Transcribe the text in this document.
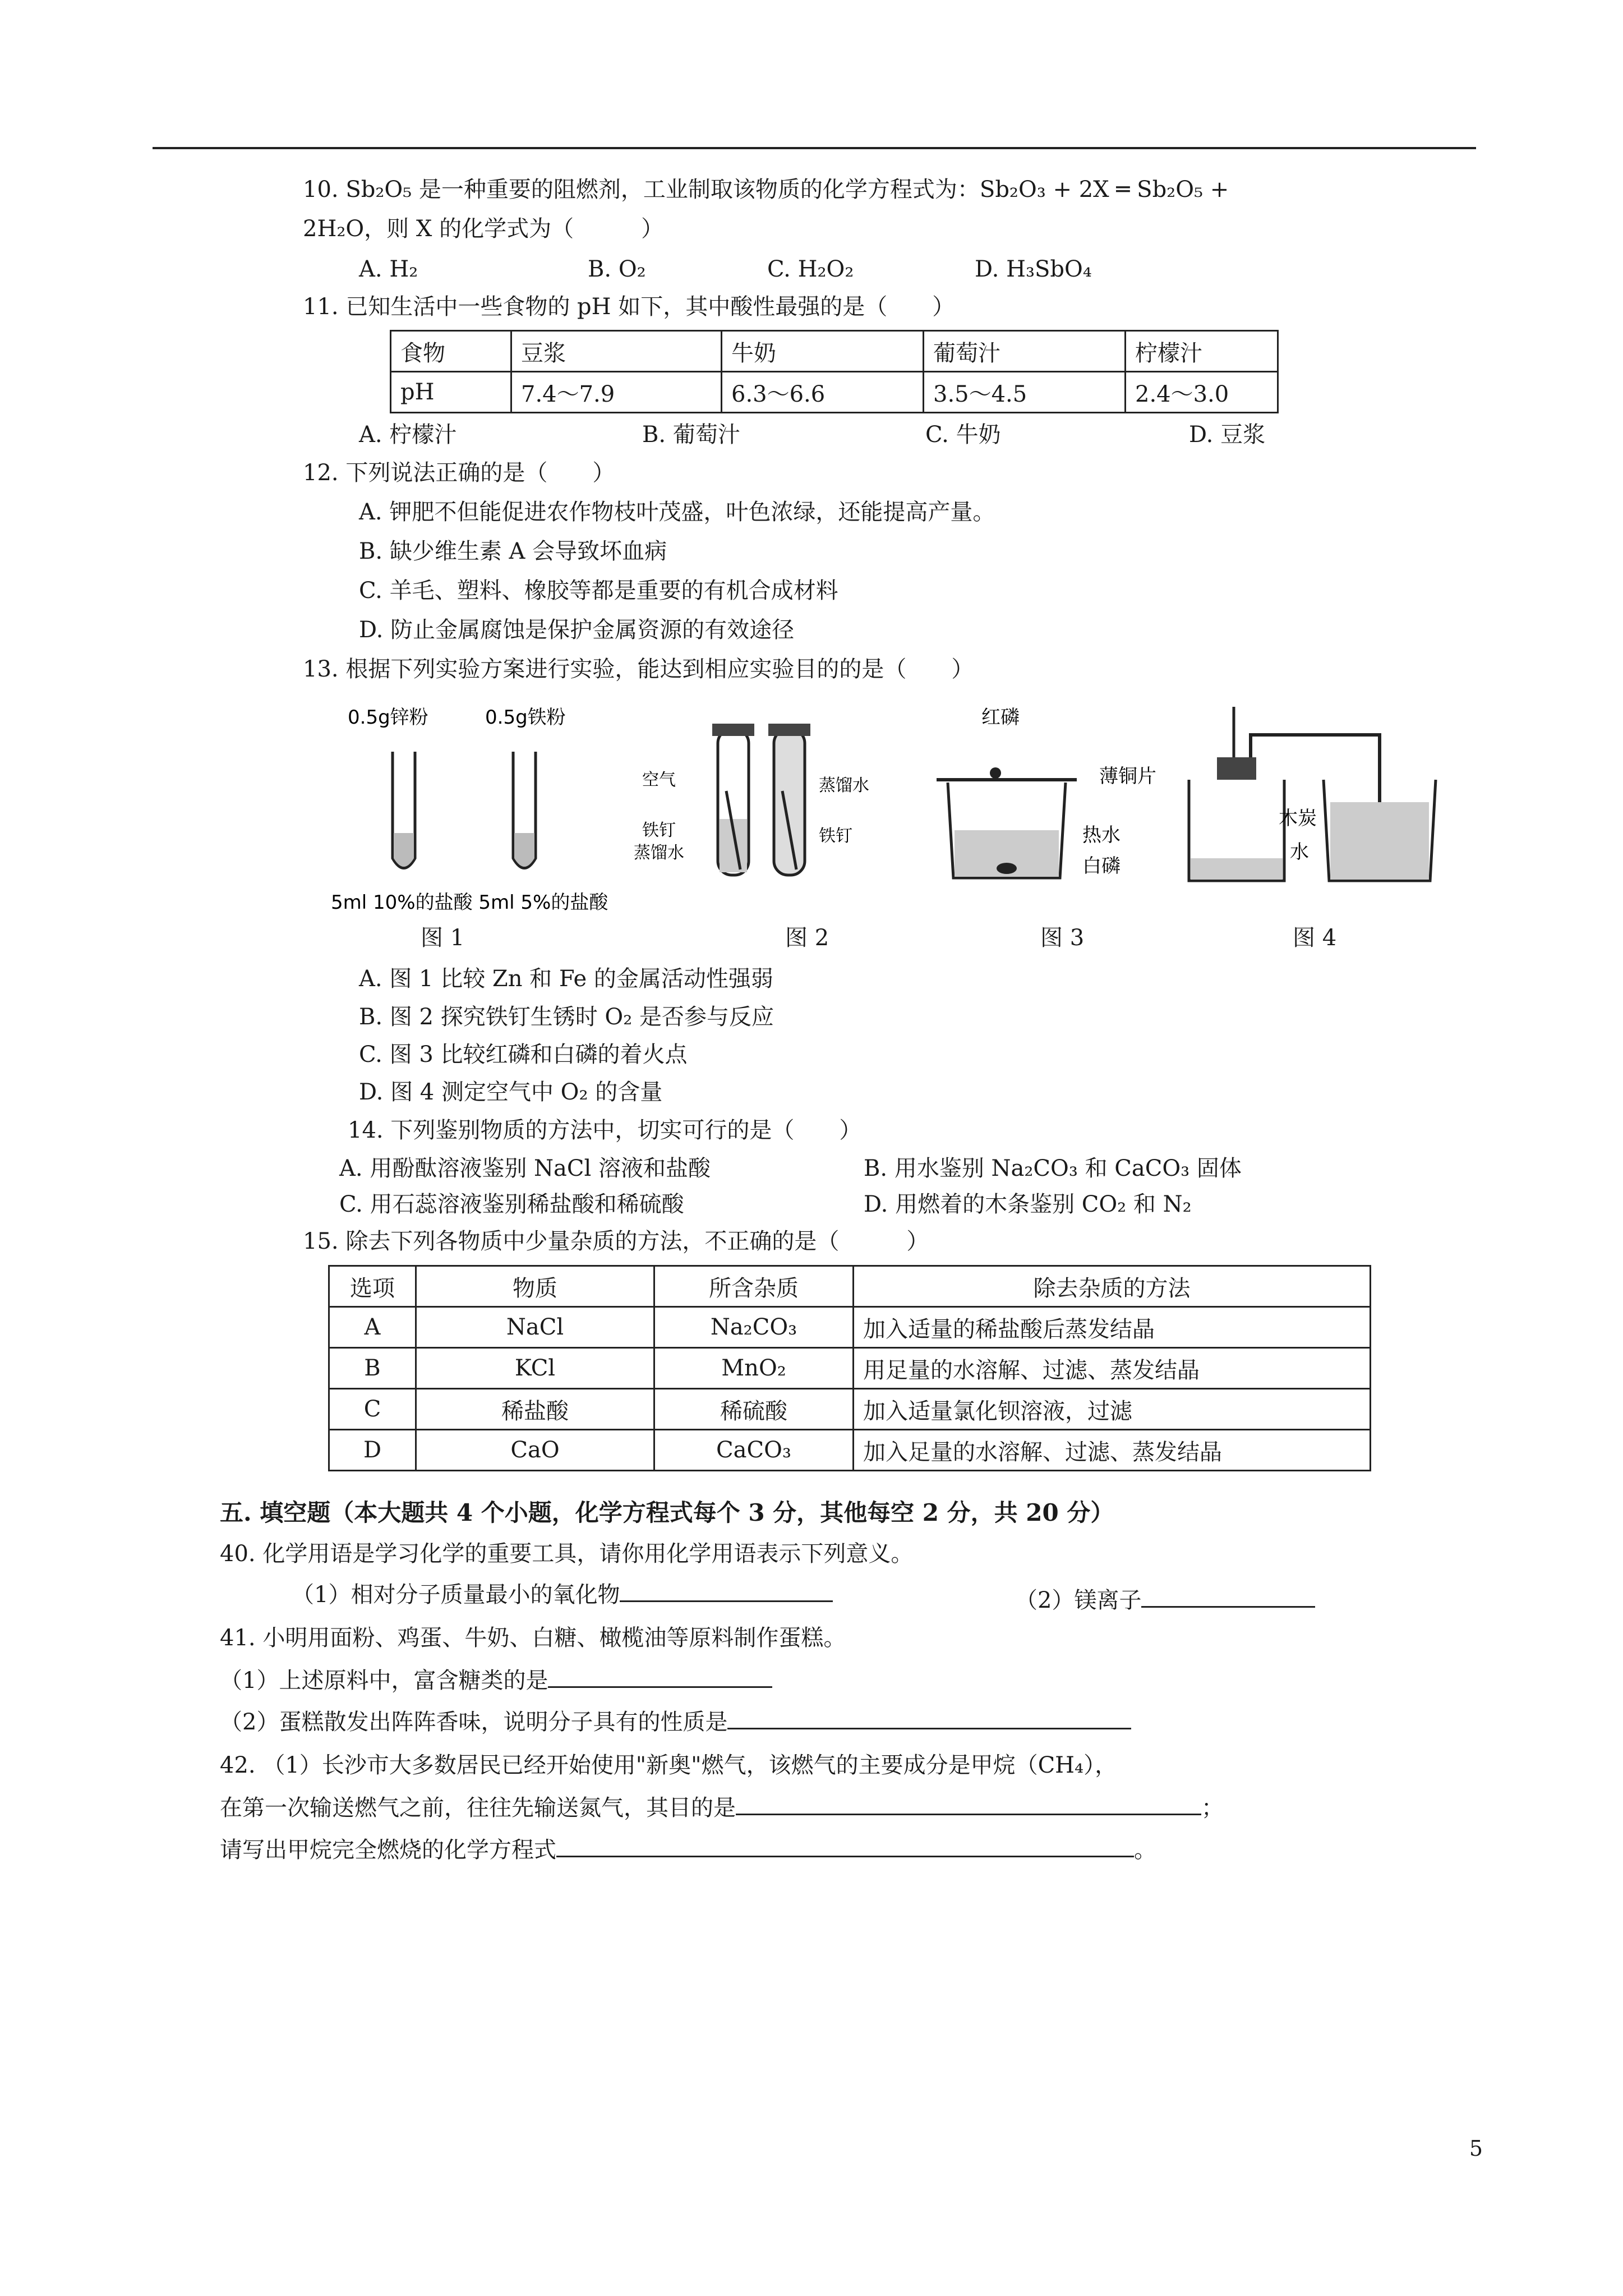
10. Sb₂O₅ 是一种重要的阻燃剂，工业制取该物质的化学方程式为：Sb₂O₃ + 2X ═ Sb₂O₅ +
2H₂O，则 X 的化学式为（　　　）
A. H₂	B. O₂	C. H₂O₂	D. H₃SbO₄
11. 已知生活中一些食物的 pH 如下，其中酸性最强的是（　　）
食物	豆浆	牛奶	葡萄汁	柠檬汁
pH	7.4～7.9	6.3～6.6	3.5～4.5	2.4～3.0
A. 柠檬汁	B. 葡萄汁	C. 牛奶	D. 豆浆
12. 下列说法正确的是（　　）
A. 钾肥不但能促进农作物枝叶茂盛，叶色浓绿，还能提高产量。
B. 缺少维生素 A 会导致坏血病
C. 羊毛、塑料、橡胶等都是重要的有机合成材料
D. 防止金属腐蚀是保护金属资源的有效途径
13. 根据下列实验方案进行实验，能达到相应实验目的的是（　　）
0.5g锌粉	0.5g铁粉
5ml 10%的盐酸 5ml 5%的盐酸
空气
铁钉
蒸馏水
蒸馏水
铁钉
红磷
薄铜片
热水
白磷
木炭
水
图 1	图 2	图 3	图 4
A. 图 1 比较 Zn 和 Fe 的金属活动性强弱
B. 图 2 探究铁钉生锈时 O₂ 是否参与反应
C. 图 3 比较红磷和白磷的着火点
D. 图 4 测定空气中 O₂ 的含量
14. 下列鉴别物质的方法中，切实可行的是（　　）
A. 用酚酞溶液鉴别 NaCl 溶液和盐酸	B. 用水鉴别 Na₂CO₃ 和 CaCO₃ 固体
C. 用石蕊溶液鉴别稀盐酸和稀硫酸	D. 用燃着的木条鉴别 CO₂ 和 N₂
15. 除去下列各物质中少量杂质的方法，不正确的是（　　　）
选项	物质	所含杂质	除去杂质的方法
A	NaCl	Na₂CO₃	加入适量的稀盐酸后蒸发结晶
B	KCl	MnO₂	用足量的水溶解、过滤、蒸发结晶
C	稀盐酸	稀硫酸	加入适量氯化钡溶液，过滤
D	CaO	CaCO₃	加入足量的水溶解、过滤、蒸发结晶
五. 填空题（本大题共 4 个小题，化学方程式每个 3 分，其他每空 2 分，共 20 分）
40. 化学用语是学习化学的重要工具，请你用化学用语表示下列意义。
（1）相对分子质量最小的氧化物	（2）镁离子
41. 小明用面粉、鸡蛋、牛奶、白糖、橄榄油等原料制作蛋糕。
（1）上述原料中，富含糖类的是
（2）蛋糕散发出阵阵香味，说明分子具有的性质是
42. （1）长沙市大多数居民已经开始使用"新奥"燃气，该燃气的主要成分是甲烷（CH₄），
在第一次输送燃气之前，往往先输送氮气，其目的是	；
请写出甲烷完全燃烧的化学方程式	。
5
